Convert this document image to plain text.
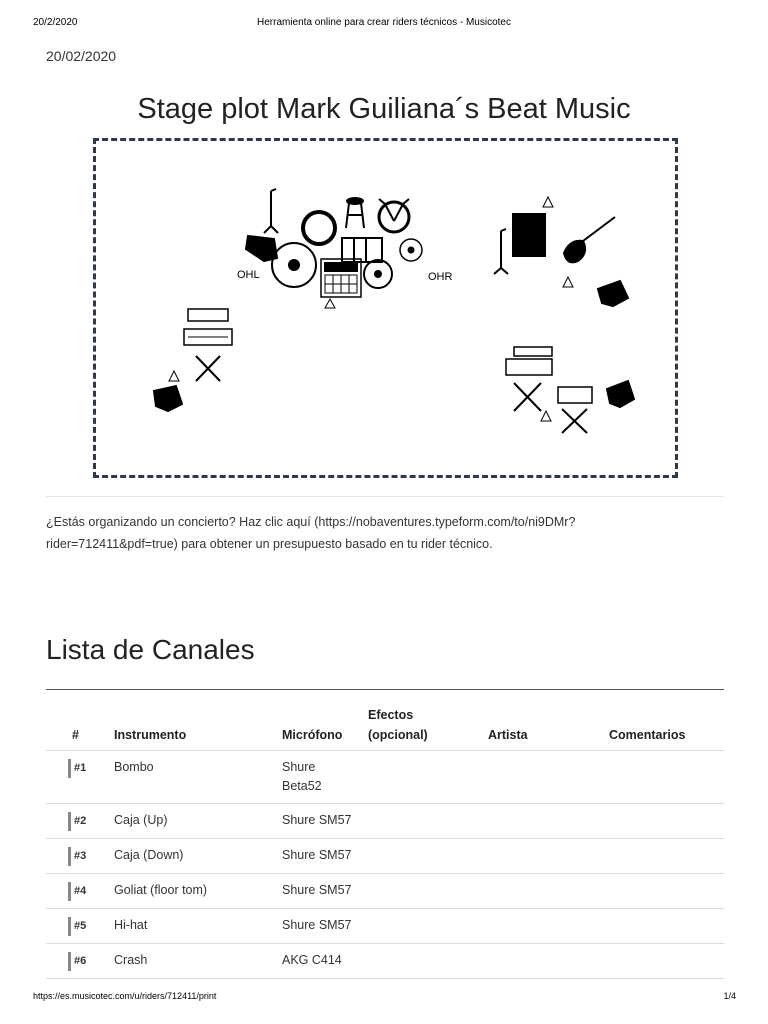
20/2/2020	Herramienta online para crear riders técnicos - Musicotec
20/02/2020
Stage plot Mark Guiliana´s Beat Music
OHL	OHR
¿Estás organizando un concierto? Haz clic aquí (https://nobaventures.typeform.com/to/ni9DMr?
rider=712411&pdf=true) para obtener un presupuesto basado en tu rider técnico.
Lista de Canales
	#	Instrumento	Micrófono	Efectos
(opcional)	Artista	Comentarios
	#1	Bombo	Shure
Beta52			
	#2	Caja (Up)	Shure SM57			
	#3	Caja (Down)	Shure SM57			
	#4	Goliat (floor tom)	Shure SM57			
	#5	Hi-hat	Shure SM57			
	#6	Crash	AKG C414			
https://es.musicotec.com/u/riders/712411/print	1/4
